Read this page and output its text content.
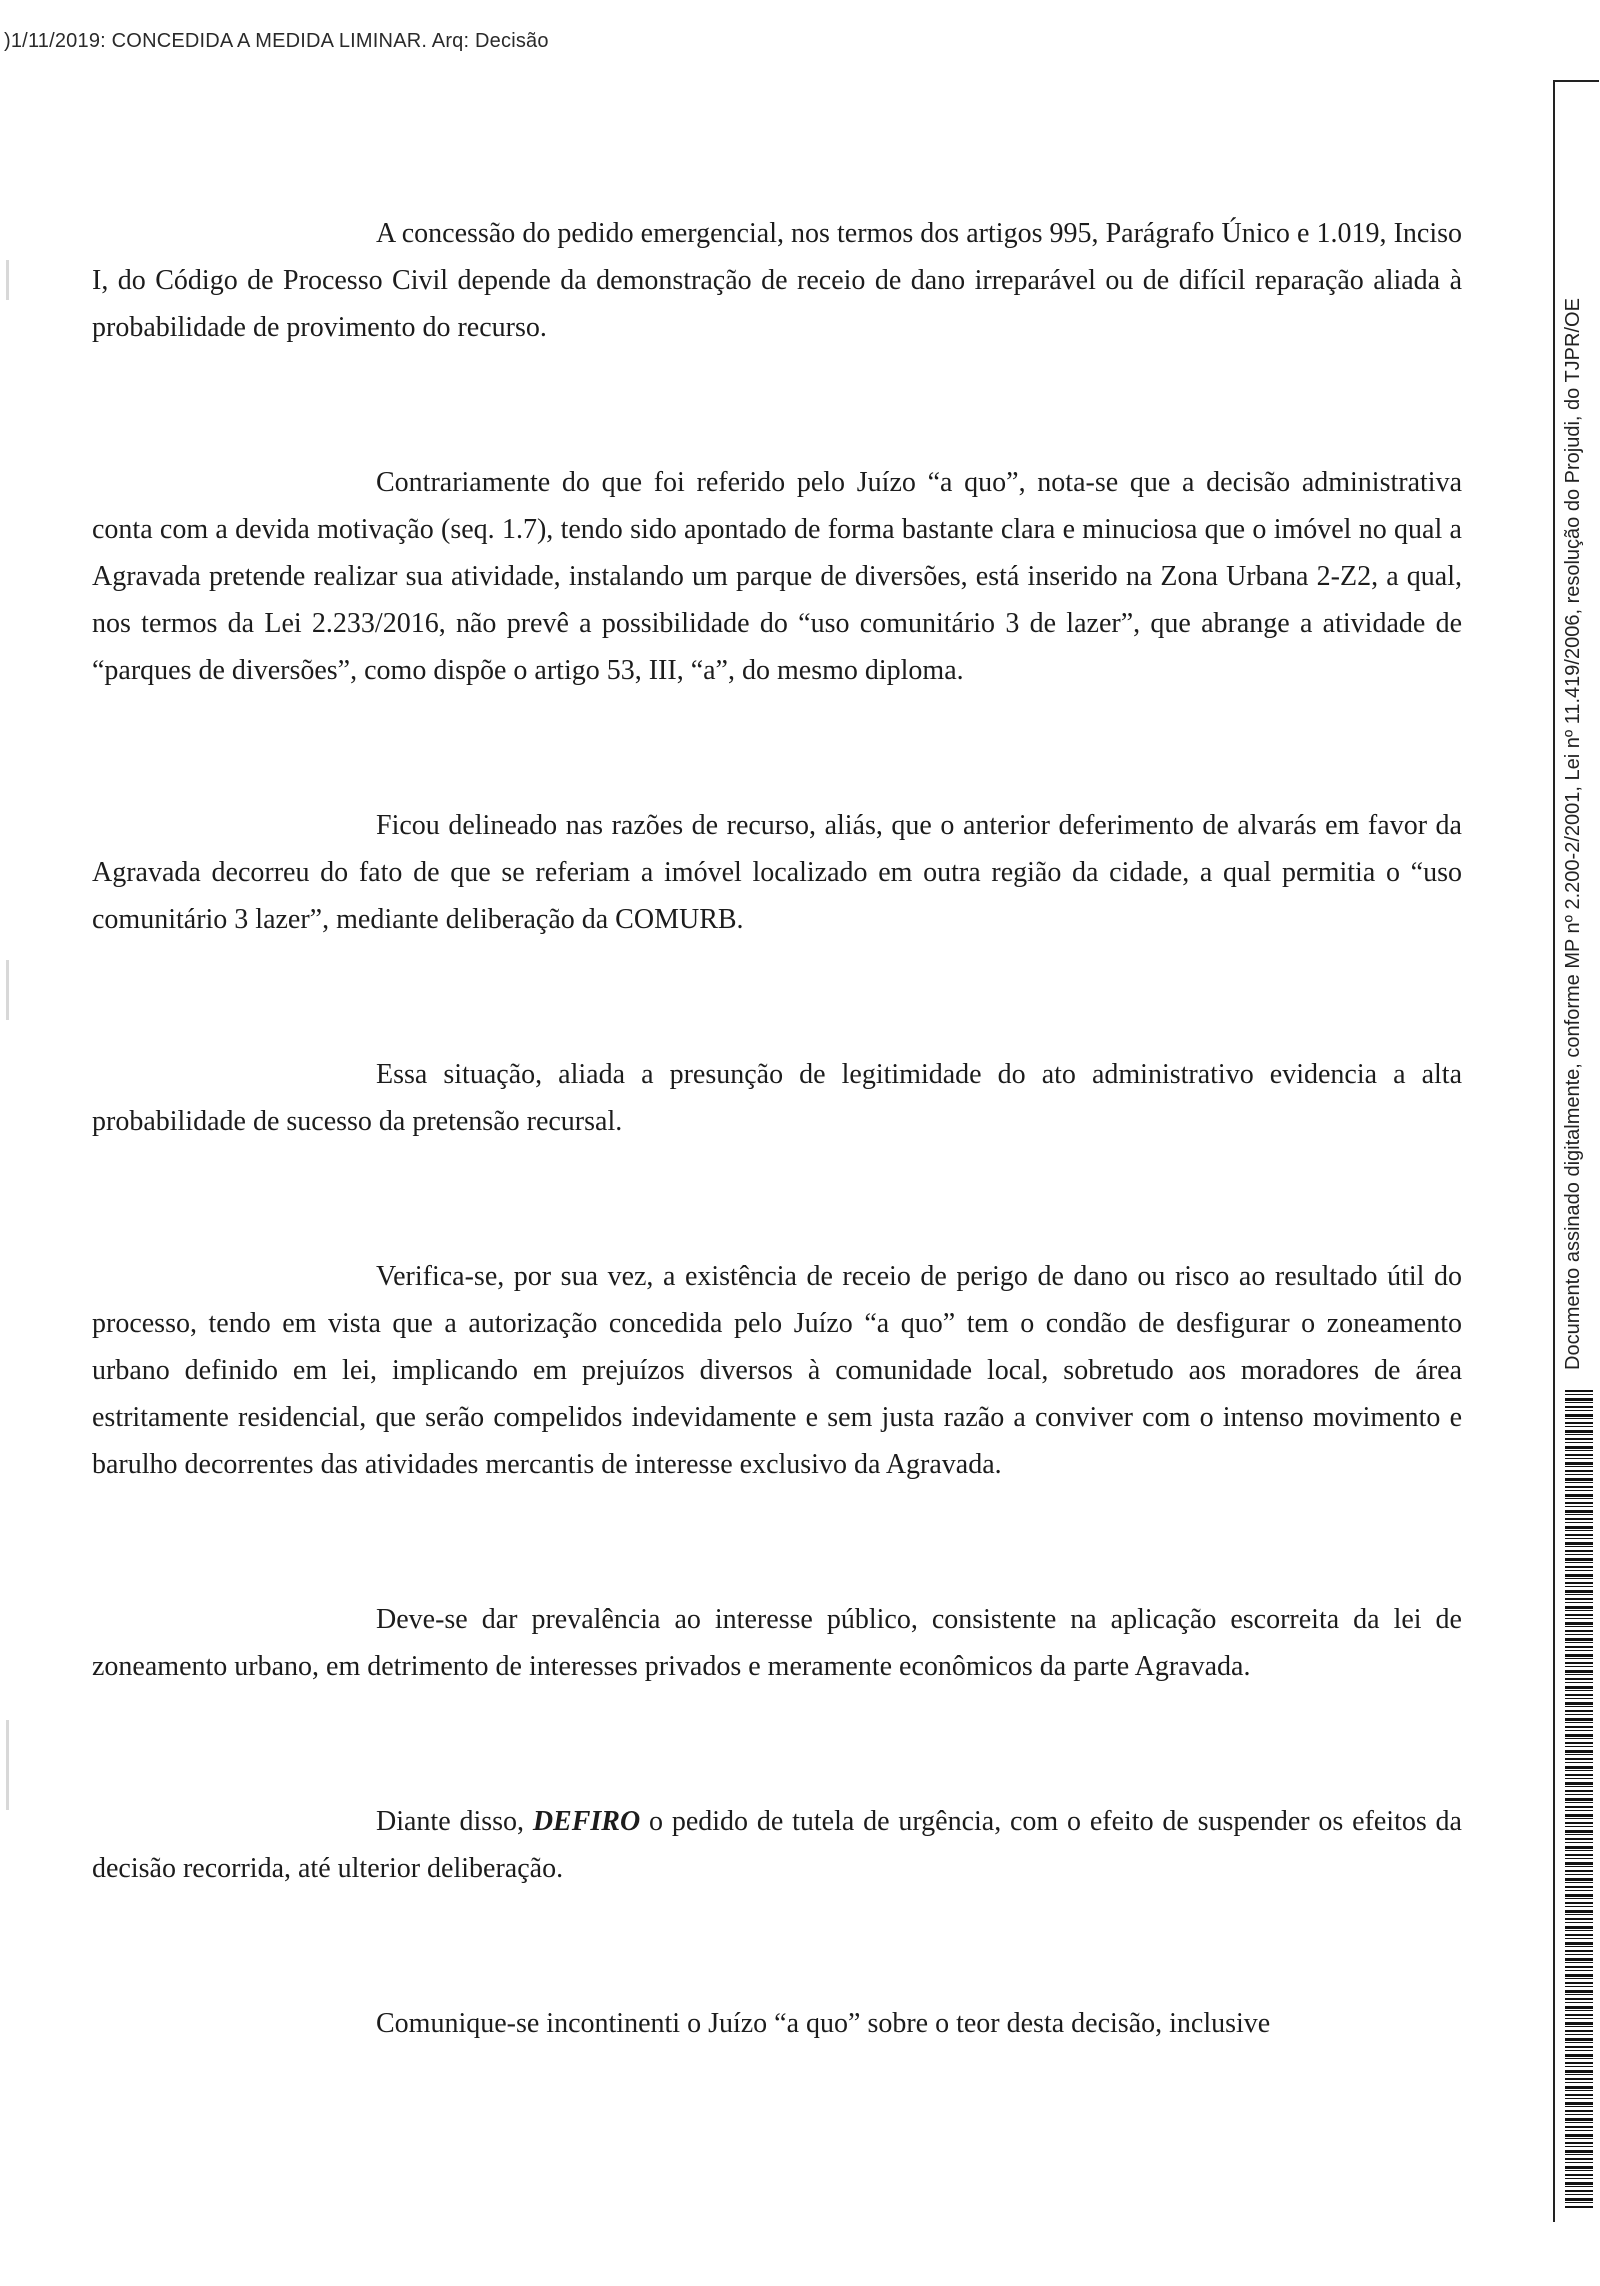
)1/11/2019: CONCEDIDA A MEDIDA LIMINAR. Arq: Decisão

A concessão do pedido emergencial, nos termos dos artigos 995, Parágrafo Único e 1.019, Inciso I, do Código de Processo Civil depende da demonstração de receio de dano irreparável ou de difícil reparação aliada à probabilidade de provimento do recurso.

Contrariamente do que foi referido pelo Juízo “a quo”, nota-se que a decisão administrativa conta com a devida motivação (seq. 1.7), tendo sido apontado de forma bastante clara e minuciosa que o imóvel no qual a Agravada pretende realizar sua atividade, instalando um parque de diversões, está inserido na Zona Urbana 2-Z2, a qual, nos termos da Lei 2.233/2016, não prevê a possibilidade do “uso comunitário 3 de lazer”, que abrange a atividade de “parques de diversões”, como dispõe o artigo 53, III, “a”, do mesmo diploma.

Ficou delineado nas razões de recurso, aliás, que o anterior deferimento de alvarás em favor da Agravada decorreu do fato de que se referiam a imóvel localizado em outra região da cidade, a qual permitia o “uso comunitário 3 lazer”, mediante deliberação da COMURB.

Essa situação, aliada a presunção de legitimidade do ato administrativo evidencia a alta probabilidade de sucesso da pretensão recursal.

Verifica-se, por sua vez, a existência de receio de perigo de dano ou risco ao resultado útil do processo, tendo em vista que a autorização concedida pelo Juízo “a quo” tem o condão de desfigurar o zoneamento urbano definido em lei, implicando em prejuízos diversos à comunidade local, sobretudo aos moradores de área estritamente residencial, que serão compelidos indevidamente e sem justa razão a conviver com o intenso movimento e barulho decorrentes das atividades mercantis de interesse exclusivo da Agravada.

Deve-se dar prevalência ao interesse público, consistente na aplicação escorreita da lei de zoneamento urbano, em detrimento de interesses privados e meramente econômicos da parte Agravada.

Diante disso, DEFIRO o pedido de tutela de urgência, com o efeito de suspender os efeitos da decisão recorrida, até ulterior deliberação.

Comunique-se incontinenti o Juízo “a quo” sobre o teor desta decisão, inclusive

Documento assinado digitalmente, conforme MP nº 2.200-2/2001, Lei nº 11.419/2006, resolução do Projudi, do TJPR/OE
